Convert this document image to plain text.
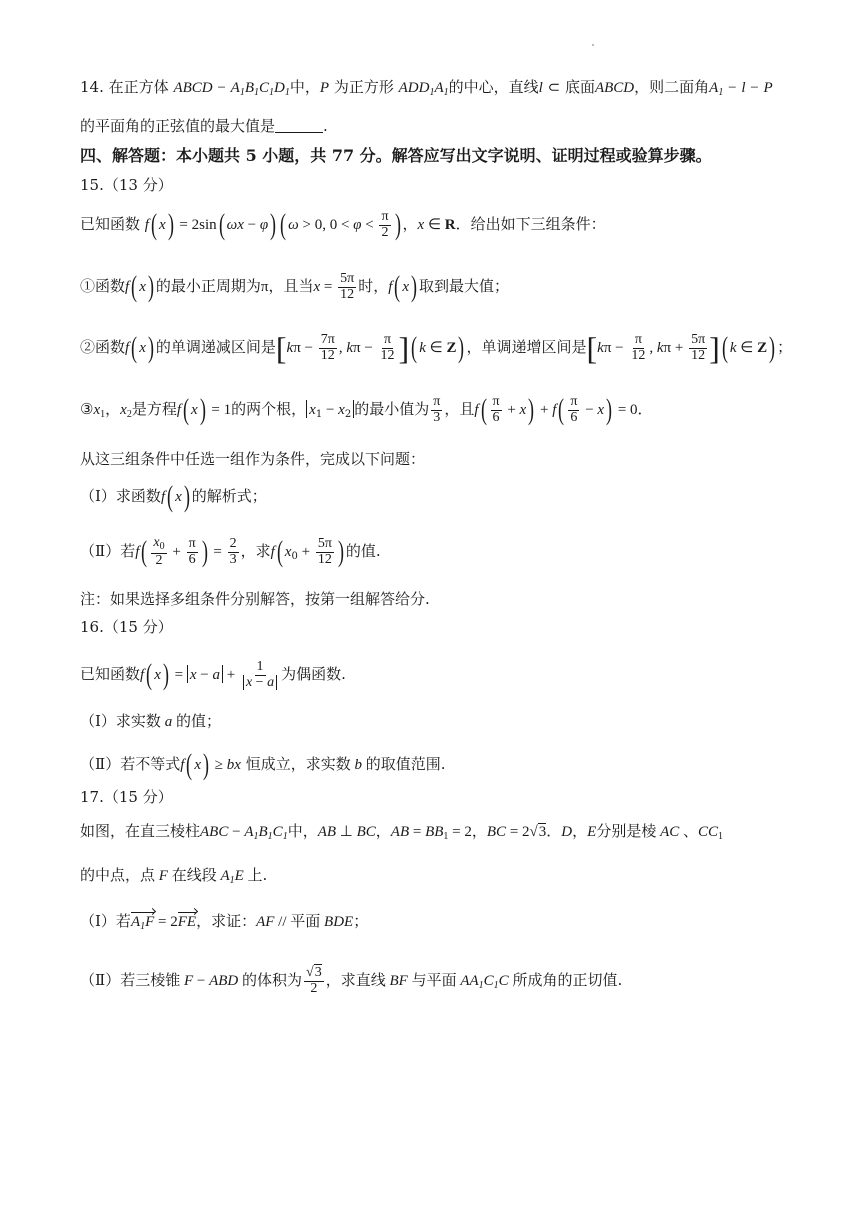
14. 在正方体 ABCD − $A_1B_1C_1D_1$中，P 为正方形 $ADD_1A_1$的中心，直线l ⊂ 底面ABCD，则二面角$A_1 - l - P$
的平面角的正弦值的最大值是	.
四、解答题：本小题共 5 小题，共 77 分。解答应写出文字说明、证明过程或验算步骤。
15.（13 分）
已知函数 f( x) = 2sin( ωx − φ) ( ω > 0, $0 < \varphi < \frac{\pi}{2}$ ) ，x ∈ R．给出如下三组条件：
①函数f( x) 的最小正周期为π，且当$x = \frac{5\pi}{12}$ 时，f( x) 取到最大值；
②函数f( x) 的单调递减区间是[$k\pi - \frac{7\pi}{12}$ , $k\pi - \frac{\pi}{12}$ ]( k ∈ Z) ，单调递增区间是[$k\pi - \frac{\pi}{12}$ , $k\pi + \frac{5\pi}{12}$ ]( k ∈ Z) ；
$③x_1$，$x_2$是方程f( x) = 1的两个根， $x_1 - x_2$ 的最小值为 $\frac{\pi}{3}$ ，且$f( \frac{\pi}{6} + x) + f( \frac{\pi}{6} - x) = 0$．
从这三组条件中任选一组作为条件，完成以下问题：
（Ⅰ）求函数f( x) 的解析式；
（Ⅱ）若$f( \frac{x_0}{2} + \frac{\pi}{6}$ ) = $\frac{2}{3}$ ，求f( $x_0 + \frac{5\pi}{12}$ ) 的值.
注：如果选择多组条件分别解答，按第一组解答给分.
16.（15 分）
已知函数f( $x) = x - a + \frac{1}{x - a}$ 为偶函数.
（Ⅰ）求实数 a 的值；
（Ⅱ）若不等式f( x) ≥ bx 恒成立，求实数 b 的取值范围.
17.（15 分）
如图，在直三棱柱ABC − $A_1B_1C_1$中，AB ⊥ BC，AB = $BB_1 = 2$，BC = 2√3．D，E分别是棱 AC 、$CC_1$
的中点，点 F 在线段 $A_1E$ 上.
（Ⅰ）若$A_1F = 2FE$，求证：AF // 平面 BDE；
（Ⅱ）若三棱锥 F − ABD 的体积为 $\frac{√3}{2}$ ，求直线 BF 与平面 $AA_1C_1C$ 所成角的正切值.
